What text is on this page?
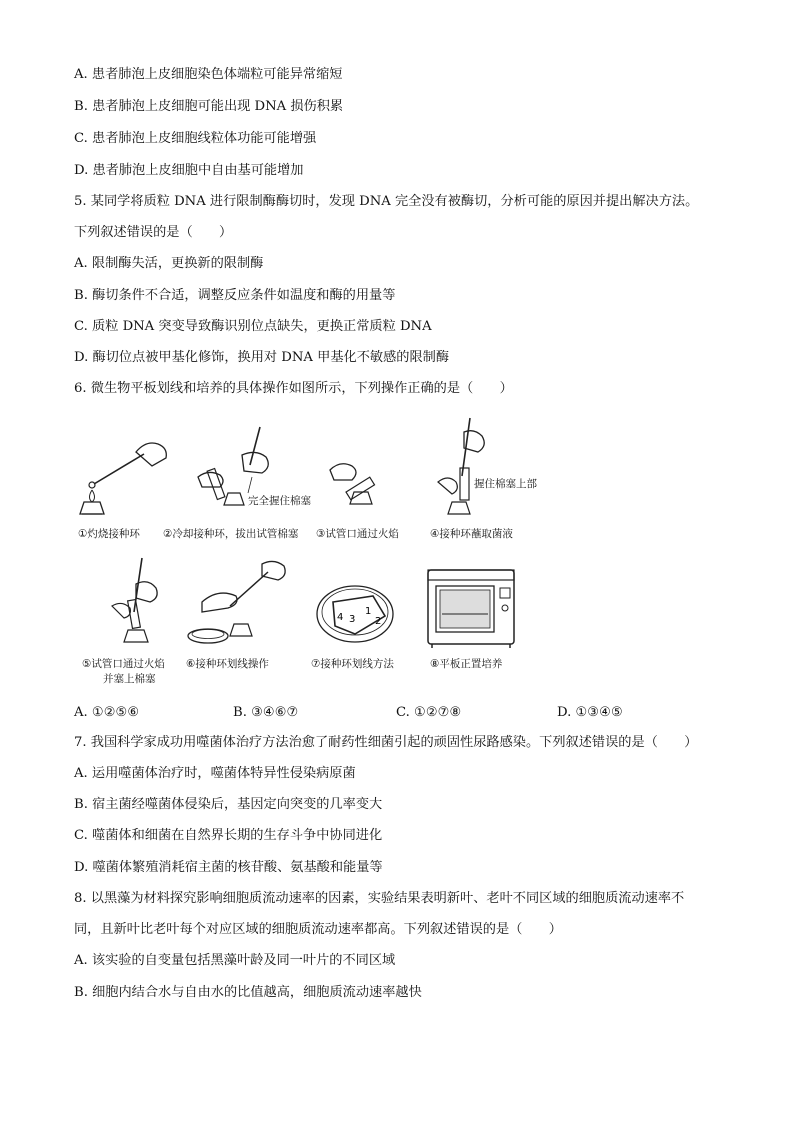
A. 患者肺泡上皮细胞染色体端粒可能异常缩短
B. 患者肺泡上皮细胞可能出现 DNA 损伤积累
C. 患者肺泡上皮细胞线粒体功能可能增强
D. 患者肺泡上皮细胞中自由基可能增加
5. 某同学将质粒 DNA 进行限制酶酶切时，发现 DNA 完全没有被酶切，分析可能的原因并提出解决方法。
下列叙述错误的是（　　）
A. 限制酶失活，更换新的限制酶
B. 酶切条件不合适，调整反应条件如温度和酶的用量等
C. 质粒 DNA 突变导致酶识别位点缺失，更换正常质粒 DNA
D. 酶切位点被甲基化修饰，换用对 DNA 甲基化不敏感的限制酶
6. 微生物平板划线和培养的具体操作如图所示，下列操作正确的是（　　）
完全握住棉塞
握住棉塞上部
①灼烧接种环 ②冷却接种环，拔出试管棉塞 ③试管口通过火焰	④接种环蘸取菌液
1
2
3
4
⑤试管口通过火焰
并塞上棉塞
⑥接种环划线操作	⑦接种环划线方法	⑧平板正置培养
A. ①②⑤⑥	B. ③④⑥⑦	C. ①②⑦⑧	D. ①③④⑤
7. 我国科学家成功用噬菌体治疗方法治愈了耐药性细菌引起的顽固性尿路感染。下列叙述错误的是（　　）
A. 运用噬菌体治疗时，噬菌体特异性侵染病原菌
B. 宿主菌经噬菌体侵染后，基因定向突变的几率变大
C. 噬菌体和细菌在自然界长期的生存斗争中协同进化
D. 噬菌体繁殖消耗宿主菌的核苷酸、氨基酸和能量等
8. 以黑藻为材料探究影响细胞质流动速率的因素，实验结果表明新叶、老叶不同区域的细胞质流动速率不
同，且新叶比老叶每个对应区域的细胞质流动速率都高。下列叙述错误的是（　　）
A. 该实验的自变量包括黑藻叶龄及同一叶片的不同区域
B. 细胞内结合水与自由水的比值越高，细胞质流动速率越快
